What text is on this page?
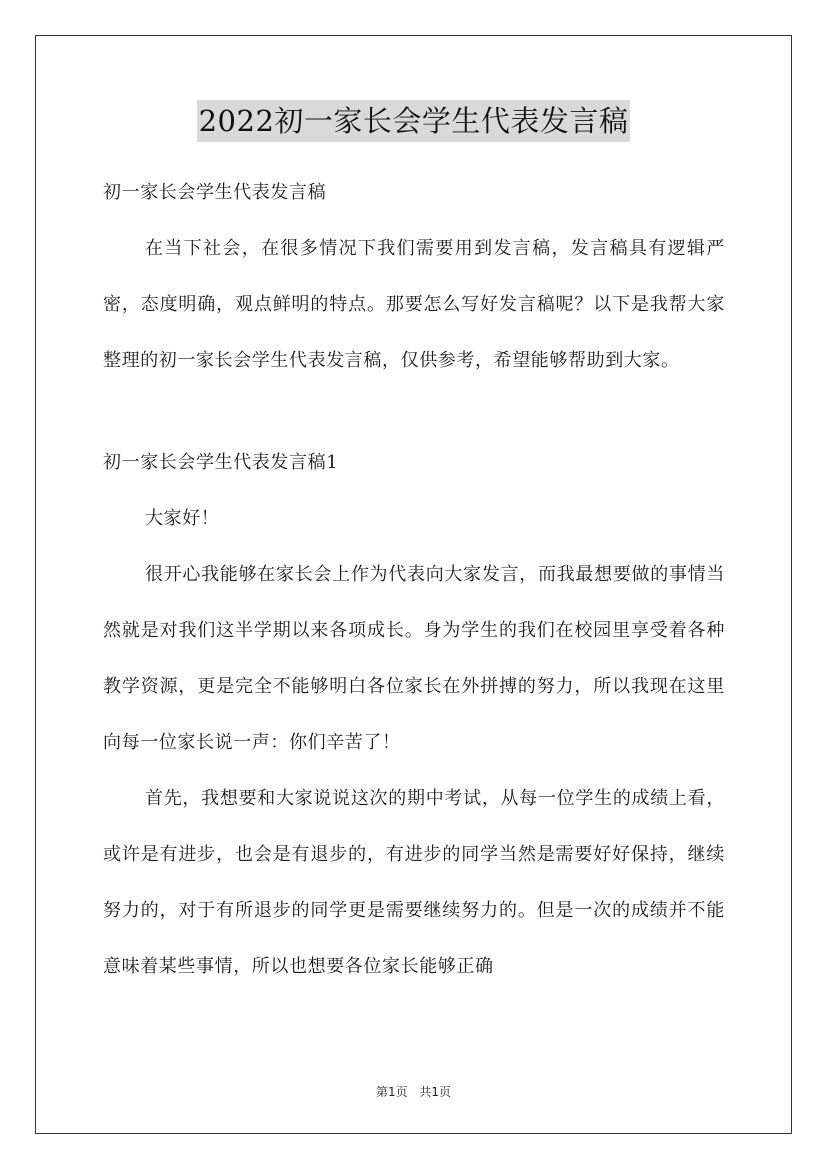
2022初一家长会学生代表发言稿

初一家长会学生代表发言稿

在当下社会，在很多情况下我们需要用到发言稿，发言稿具有逻辑严密，态度明确，观点鲜明的特点。那要怎么写好发言稿呢？以下是我帮大家整理的初一家长会学生代表发言稿，仅供参考，希望能够帮助到大家。

初一家长会学生代表发言稿1

大家好！

很开心我能够在家长会上作为代表向大家发言，而我最想要做的事情当然就是对我们这半学期以来各项成长。身为学生的我们在校园里享受着各种教学资源，更是完全不能够明白各位家长在外拼搏的努力，所以我现在这里向每一位家长说一声：你们辛苦了！

首先，我想要和大家说说这次的期中考试，从每一位学生的成绩上看，或许是有进步，也会是有退步的，有进步的同学当然是需要好好保持，继续努力的，对于有所退步的同学更是需要继续努力的。但是一次的成绩并不能意味着某些事情，所以也想要各位家长能够正确

第1页 共1页
